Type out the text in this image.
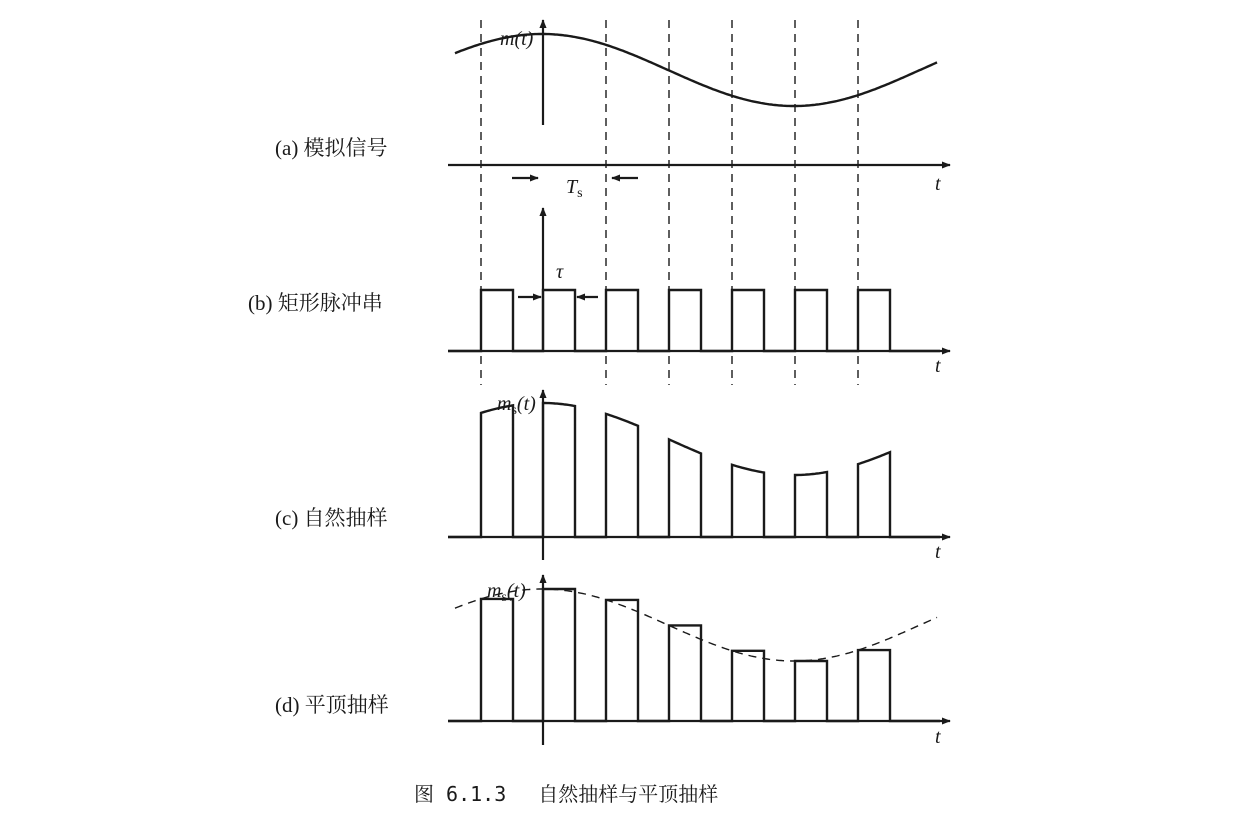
m(t)
t
(a) 模拟信号
$T_s$
t
(b) 矩形脉冲串
τ
$m_s(t)$
t
(c) 自然抽样
$m_s(t)$
t
(d) 平顶抽样
图 6.1.3　 自然抽样与平顶抽样
